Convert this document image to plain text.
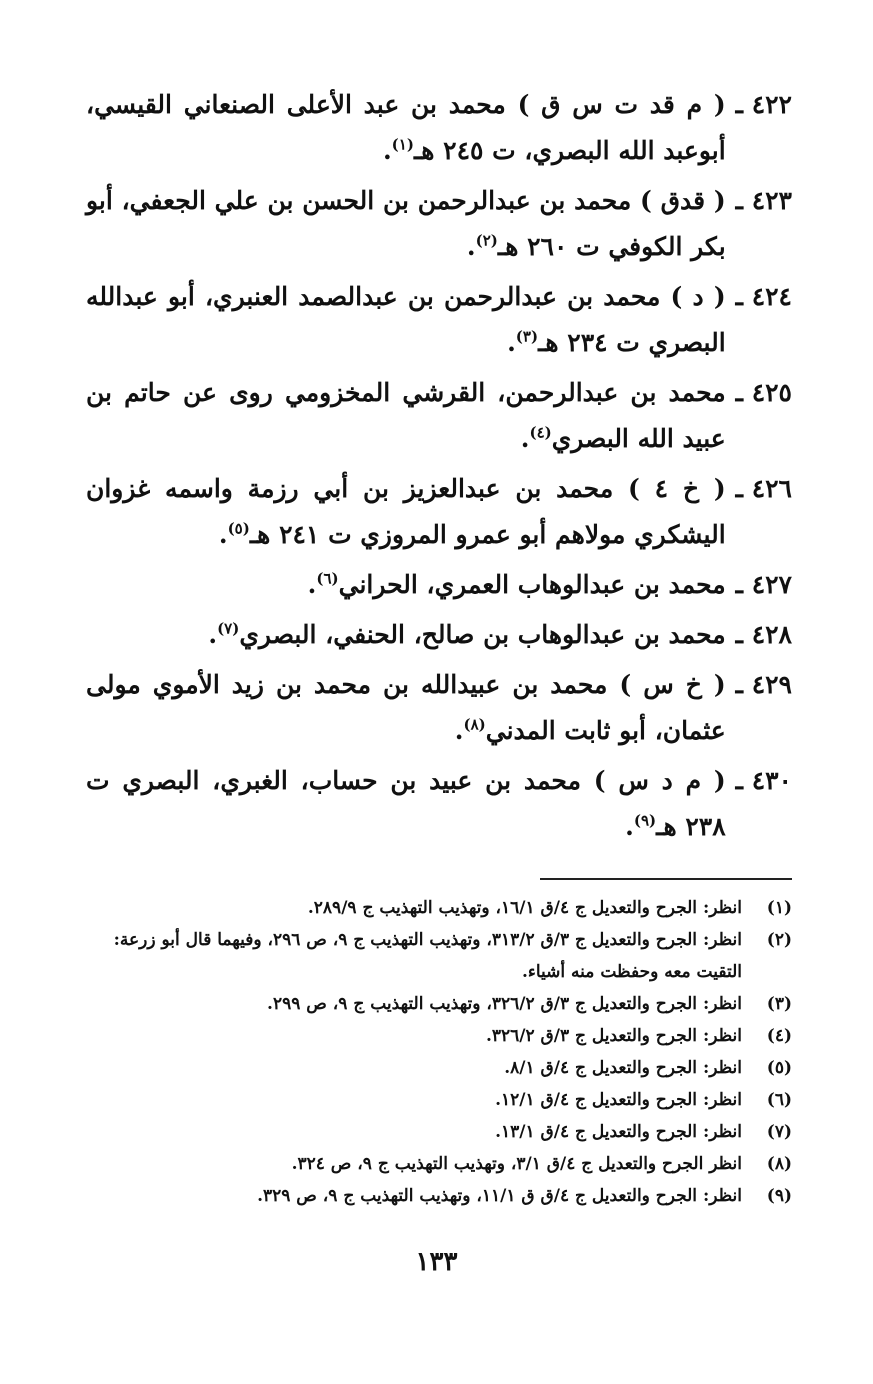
٤٢٢ ـ
( م قد ت س ق ) محمد بن عبد الأعلى الصنعاني القيسي، أبوعبد الله البصري، ت ٢٤٥ هـ$^{(١)}$.
٤٢٣ ـ
( قدق ) محمد بن عبدالرحمن بن الحسن بن علي الجعفي، أبو بكر الكوفي ت ٢٦٠ هـ$^{(٢)}$.
٤٢٤ ـ
( د ) محمد بن عبدالرحمن بن عبدالصمد العنبري، أبو عبدالله البصري ت ٢٣٤ هـ$^{(٣)}$.
٤٢٥ ـ
محمد بن عبدالرحمن، القرشي المخزومي روى عن حاتم بن عبيد الله البصري$^{(٤)}$.
٤٢٦ ـ
( خ ٤ ) محمد بن عبدالعزيز بن أبي رزمة واسمه غزوان اليشكري مولاهم أبو عمرو المروزي ت ٢٤١ هـ$^{(٥)}$.
٤٢٧ ـ
محمد بن عبدالوهاب العمري، الحراني$^{(٦)}$.
٤٢٨ ـ
محمد بن عبدالوهاب بن صالح، الحنفي، البصري$^{(٧)}$.
٤٢٩ ـ
( خ س ) محمد بن عبيدالله بن محمد بن زيد الأموي مولى عثمان، أبو ثابت المدني$^{(٨)}$.
٤٣٠ ـ
( م د س ) محمد بن عبيد بن حساب، الغبري، البصري ت ٢٣٨ هـ$^{(٩)}$.
(١)
انظر: الجرح والتعديل ج ٤/ق ١٦/١، وتهذيب التهذيب ج ٢٨٩/٩.
(٢)
انظر: الجرح والتعديل ج ٣/ق ٣١٣/٢، وتهذيب التهذيب ج ٩، ص ٢٩٦، وفيهما قال أبو زرعة: التقيت معه وحفظت منه أشياء.
(٣)
انظر: الجرح والتعديل ج ٣/ق ٣٢٦/٢، وتهذيب التهذيب ج ٩، ص ٢٩٩.
(٤)
انظر: الجرح والتعديل ج ٣/ق ٣٢٦/٢.
(٥)
انظر: الجرح والتعديل ج ٤/ق ٨/١.
(٦)
انظر: الجرح والتعديل ج ٤/ق ١٢/١.
(٧)
انظر: الجرح والتعديل ج ٤/ق ١٣/١.
(٨)
انظر الجرح والتعديل ج ٤/ق ٣/١، وتهذيب التهذيب ج ٩، ص ٣٢٤.
(٩)
انظر: الجرح والتعديل ج ٤/ق ق ١١/١، وتهذيب التهذيب ج ٩، ص ٣٢٩.
١٣٣
